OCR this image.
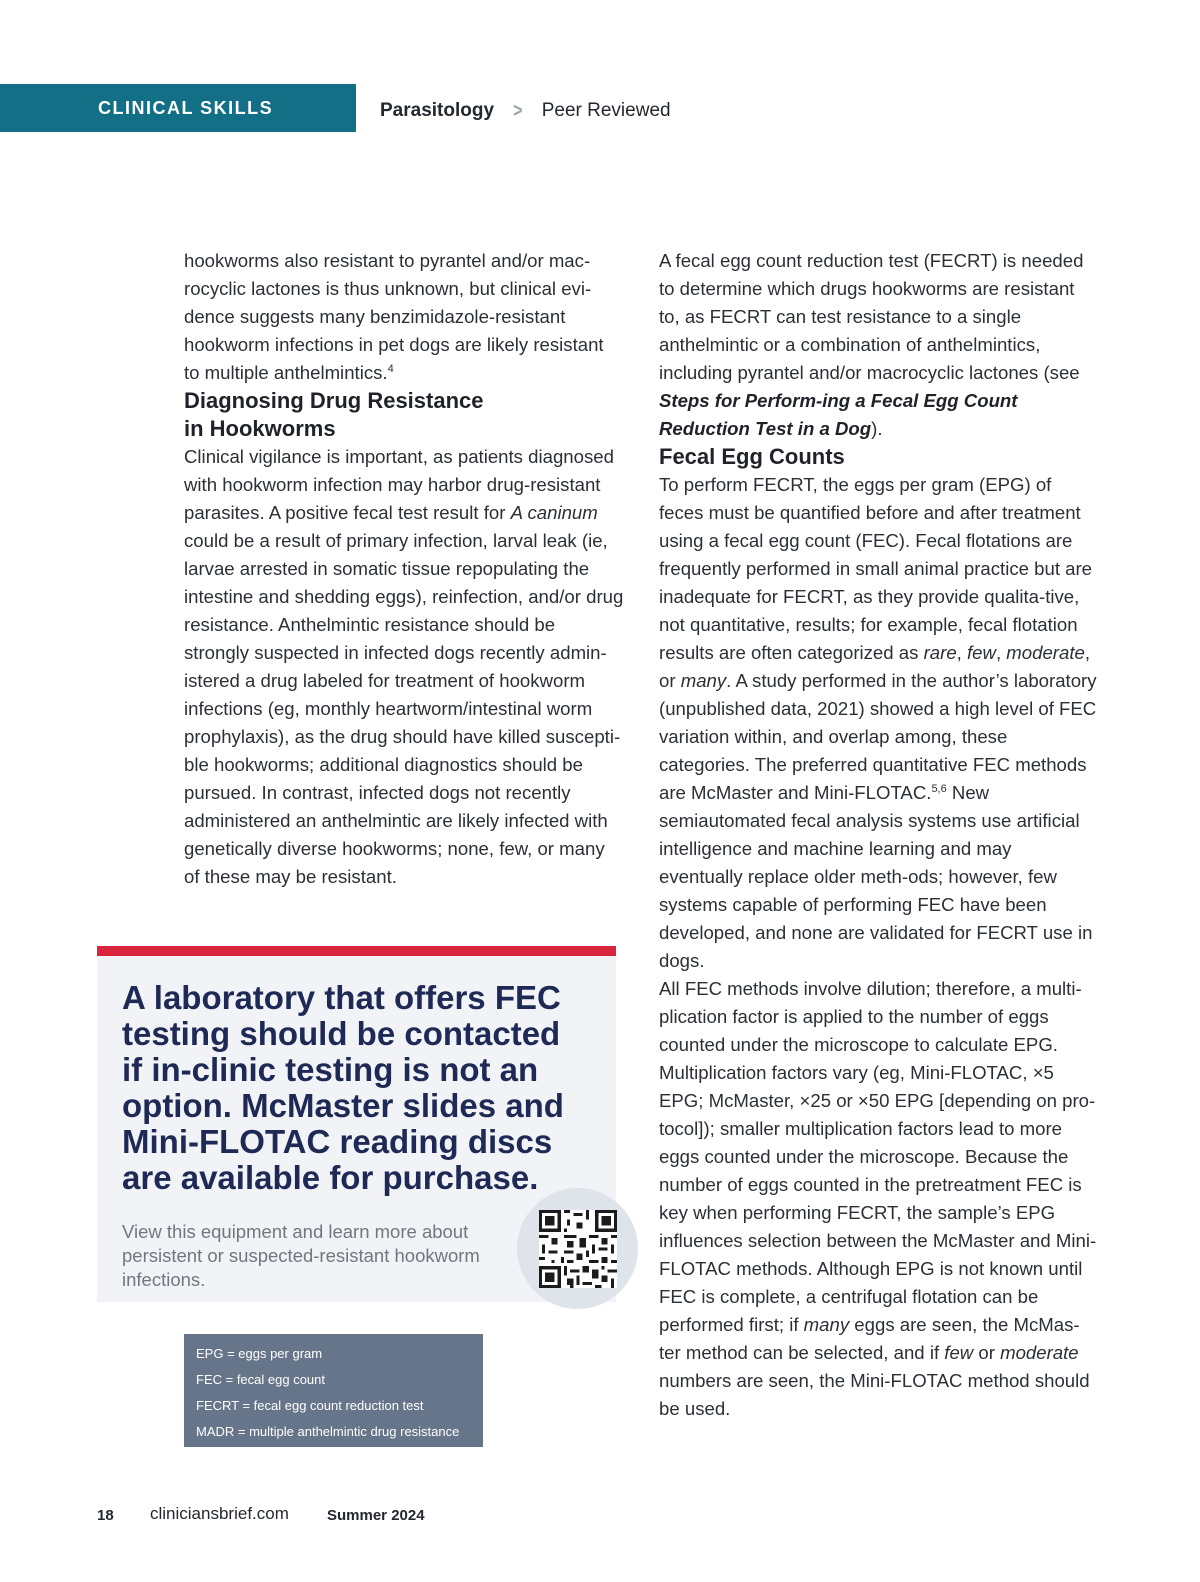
CLINICAL SKILLS	Parasitology > Peer Reviewed

hookworms also resistant to pyrantel and/or mac-rocyclic lactones is thus unknown, but clinical evi-dence suggests many benzimidazole-resistant hookworm infections in pet dogs are likely resistant to multiple anthelmintics.$^4$

Diagnosing Drug Resistance
in Hookworms

Clinical vigilance is important, as patients diagnosed with hookworm infection may harbor drug-resistant parasites. A positive fecal test result for A caninum could be a result of primary infection, larval leak (ie, larvae arrested in somatic tissue repopulating the intestine and shedding eggs), reinfection, and/or drug resistance. Anthelmintic resistance should be strongly suspected in infected dogs recently admin-istered a drug labeled for treatment of hookworm infections (eg, monthly heartworm/intestinal worm prophylaxis), as the drug should have killed suscepti-ble hookworms; additional diagnostics should be pursued. In contrast, infected dogs not recently administered an anthelmintic are likely infected with genetically diverse hookworms; none, few, or many of these may be resistant.

A laboratory that offers FEC testing should be contacted if in-clinic testing is not an option. McMaster slides and Mini-FLOTAC reading discs are available for purchase.
View this equipment and learn more about persistent or suspected-resistant hookworm infections.
EPG = eggs per gram
FEC = fecal egg count
FECRT = fecal egg count reduction test
MADR = multiple anthelmintic drug resistance

A fecal egg count reduction test (FECRT) is needed to determine which drugs hookworms are resistant to, as FECRT can test resistance to a single anthelmintic or a combination of anthelmintics, including pyrantel and/or macrocyclic lactones (see Steps for Perform-ing a Fecal Egg Count Reduction Test in a Dog).

Fecal Egg Counts

To perform FECRT, the eggs per gram (EPG) of feces must be quantified before and after treatment using a fecal egg count (FEC). Fecal flotations are frequently performed in small animal practice but are inadequate for FECRT, as they provide qualita-tive, not quantitative, results; for example, fecal flotation results are often categorized as rare, few, moderate, or many. A study performed in the author’s laboratory (unpublished data, 2021) showed a high level of FEC variation within, and overlap among, these categories. The preferred quantitative FEC methods are McMaster and Mini-FLOTAC.$^{5,6}$ New semiautomated fecal analysis systems use artificial intelligence and machine learning and may eventually replace older meth-ods; however, few systems capable of performing FEC have been developed, and none are validated for FECRT use in dogs.

All FEC methods involve dilution; therefore, a multi-plication factor is applied to the number of eggs counted under the microscope to calculate EPG. Multiplication factors vary (eg, Mini-FLOTAC, ×5 EPG; McMaster, ×25 or ×50 EPG [depending on pro-tocol]); smaller multiplication factors lead to more eggs counted under the microscope. Because the number of eggs counted in the pretreatment FEC is key when performing FECRT, the sample’s EPG influences selection between the McMaster and Mini-FLOTAC methods. Although EPG is not known until FEC is complete, a centrifugal flotation can be performed first; if many eggs are seen, the McMas-ter method can be selected, and if few or moderate numbers are seen, the Mini-FLOTAC method should be used.

18 cliniciansbrief.com	Summer 2024
